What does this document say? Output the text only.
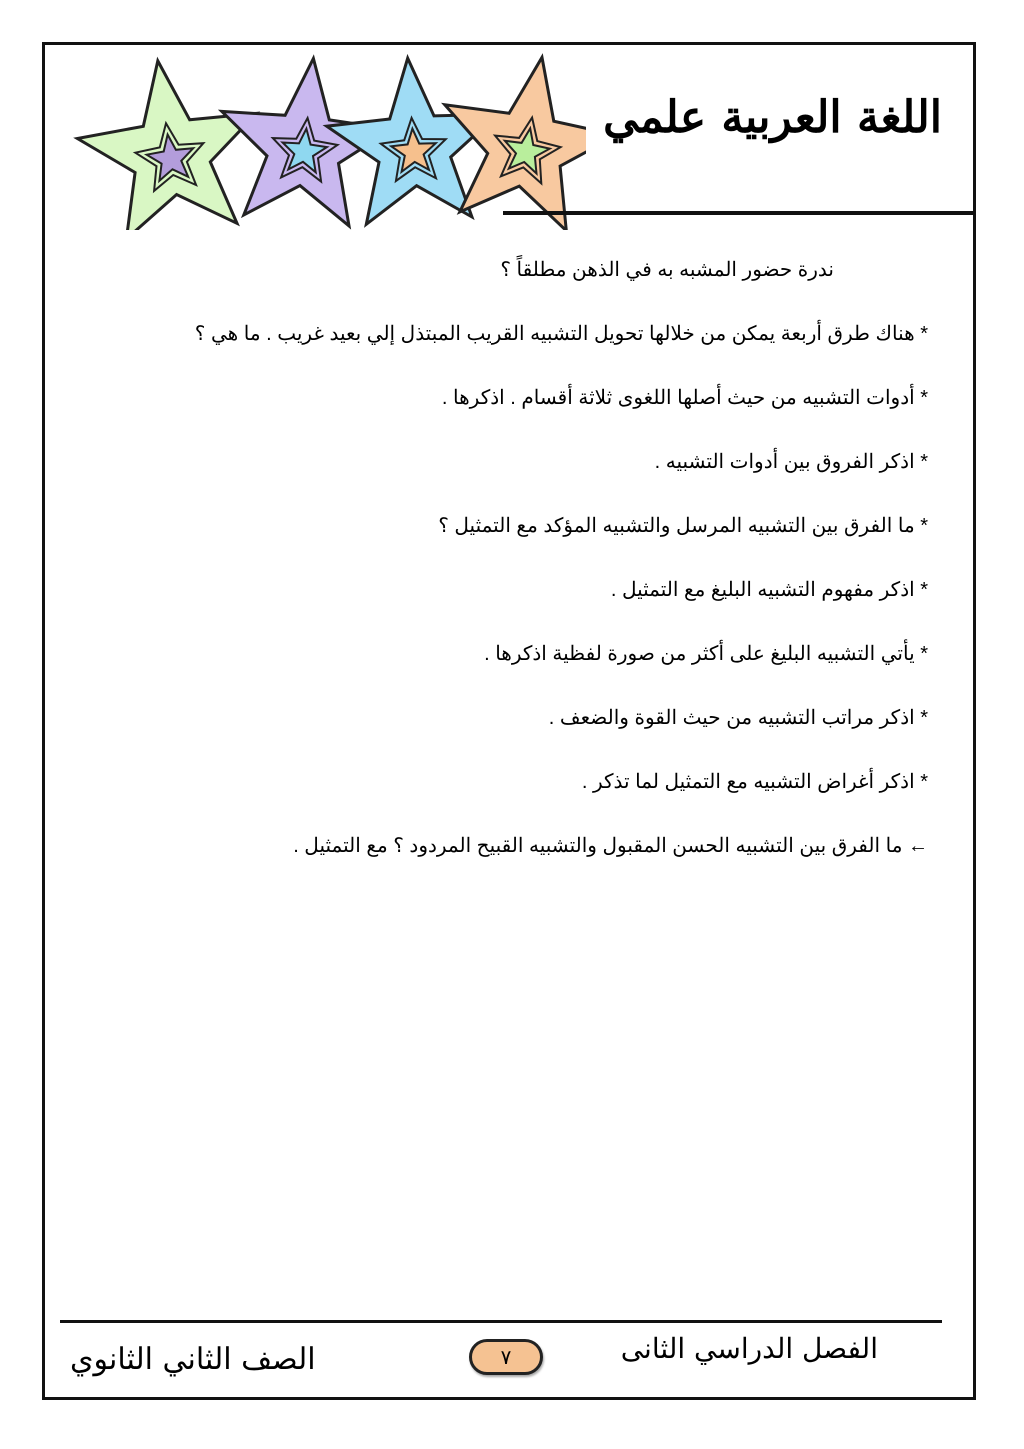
اللغة العربية علمي
ندرة حضور المشبه به في الذهن مطلقاً ؟
* هناك طرق أربعة يمكن من خلالها تحويل التشبيه القريب المبتذل إلي بعيد غريب . ما هي ؟
* أدوات التشبيه من حيث أصلها اللغوى ثلاثة أقسام . اذكرها .
* اذكر الفروق بين أدوات التشبيه .
* ما الفرق بين التشبيه المرسل والتشبيه المؤكد مع التمثيل ؟
* اذكر مفهوم التشبيه البليغ مع التمثيل .
* يأتي التشبيه البليغ على أكثر من صورة لفظية اذكرها .
* اذكر مراتب التشبيه من حيث القوة والضعف .
* اذكر أغراض التشبيه مع التمثيل لما تذكر .
← ما الفرق بين التشبيه الحسن المقبول والتشبيه القبيح المردود ؟ مع التمثيل .
الفصل الدراسي الثانى
٧
الصف الثاني الثانوي
